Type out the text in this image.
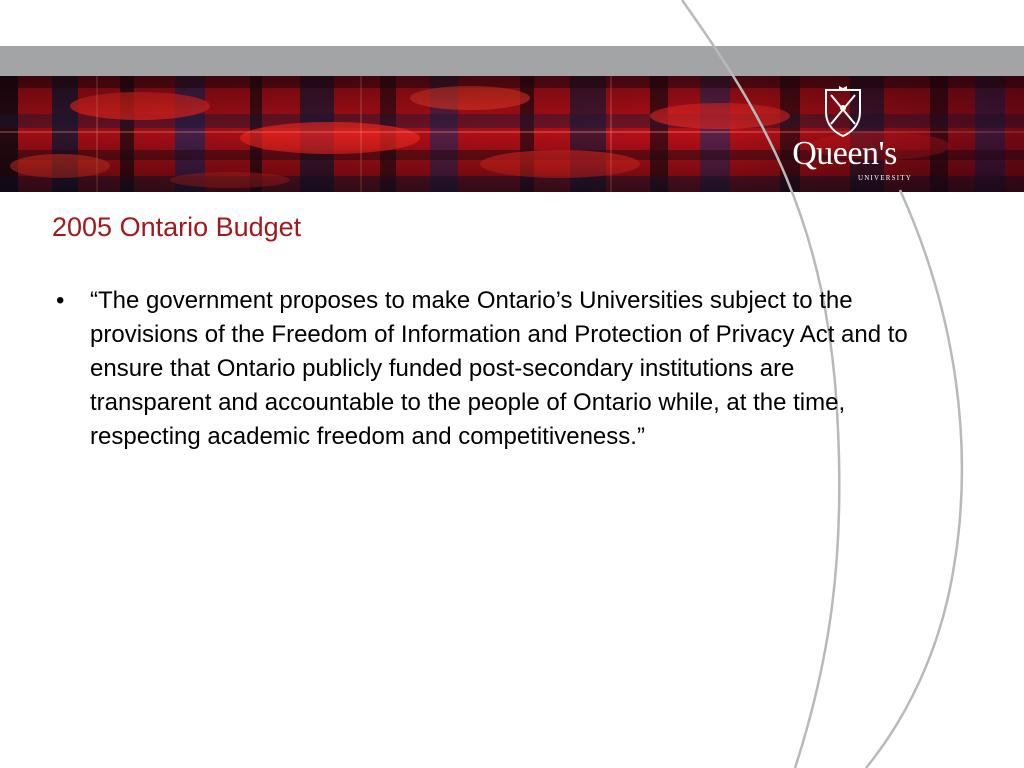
Queen's
UNIVERSITY
2005 Ontario Budget
• “The government proposes to make Ontario’s Universities subject to the provisions of the Freedom of Information and Protection of Privacy Act and to ensure that Ontario publicly funded post-secondary institutions are transparent and accountable to the people of Ontario while, at the time, respecting academic freedom and competitiveness.”
